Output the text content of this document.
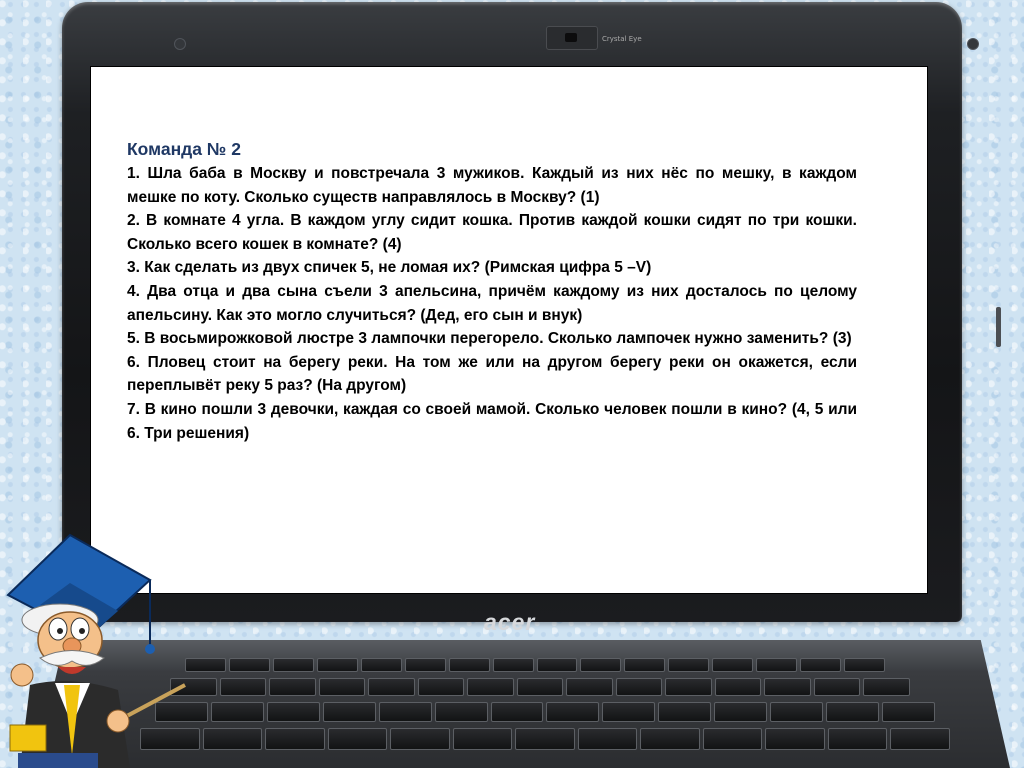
Crystal Eye
Команда № 2
1. Шла баба в Москву и повстречала 3 мужиков. Каждый из них нёс по мешку, в каждом мешке по коту. Сколько существ направлялось в Москву? (1)
2. В комнате 4 угла. В каждом углу сидит кошка. Против каждой кошки сидят по три кошки. Сколько всего кошек в комнате? (4)
3. Как сделать из двух спичек 5, не ломая их? (Римская цифра 5 –V)
4. Два отца и два сына съели 3 апельсина, причём каждому из них досталось по целому апельсину. Как это могло случиться? (Дед, его сын и внук)
5. В восьмирожковой люстре 3 лампочки перегорело. Сколько лампочек нужно заменить? (3)
6. Пловец стоит на берегу реки. На том же или на другом берегу реки он окажется, если переплывёт реку 5 раз? (На другом)
7. В кино пошли 3 девочки, каждая со своей мамой. Сколько человек пошли в кино? (4, 5 или 6. Три решения)
acer
